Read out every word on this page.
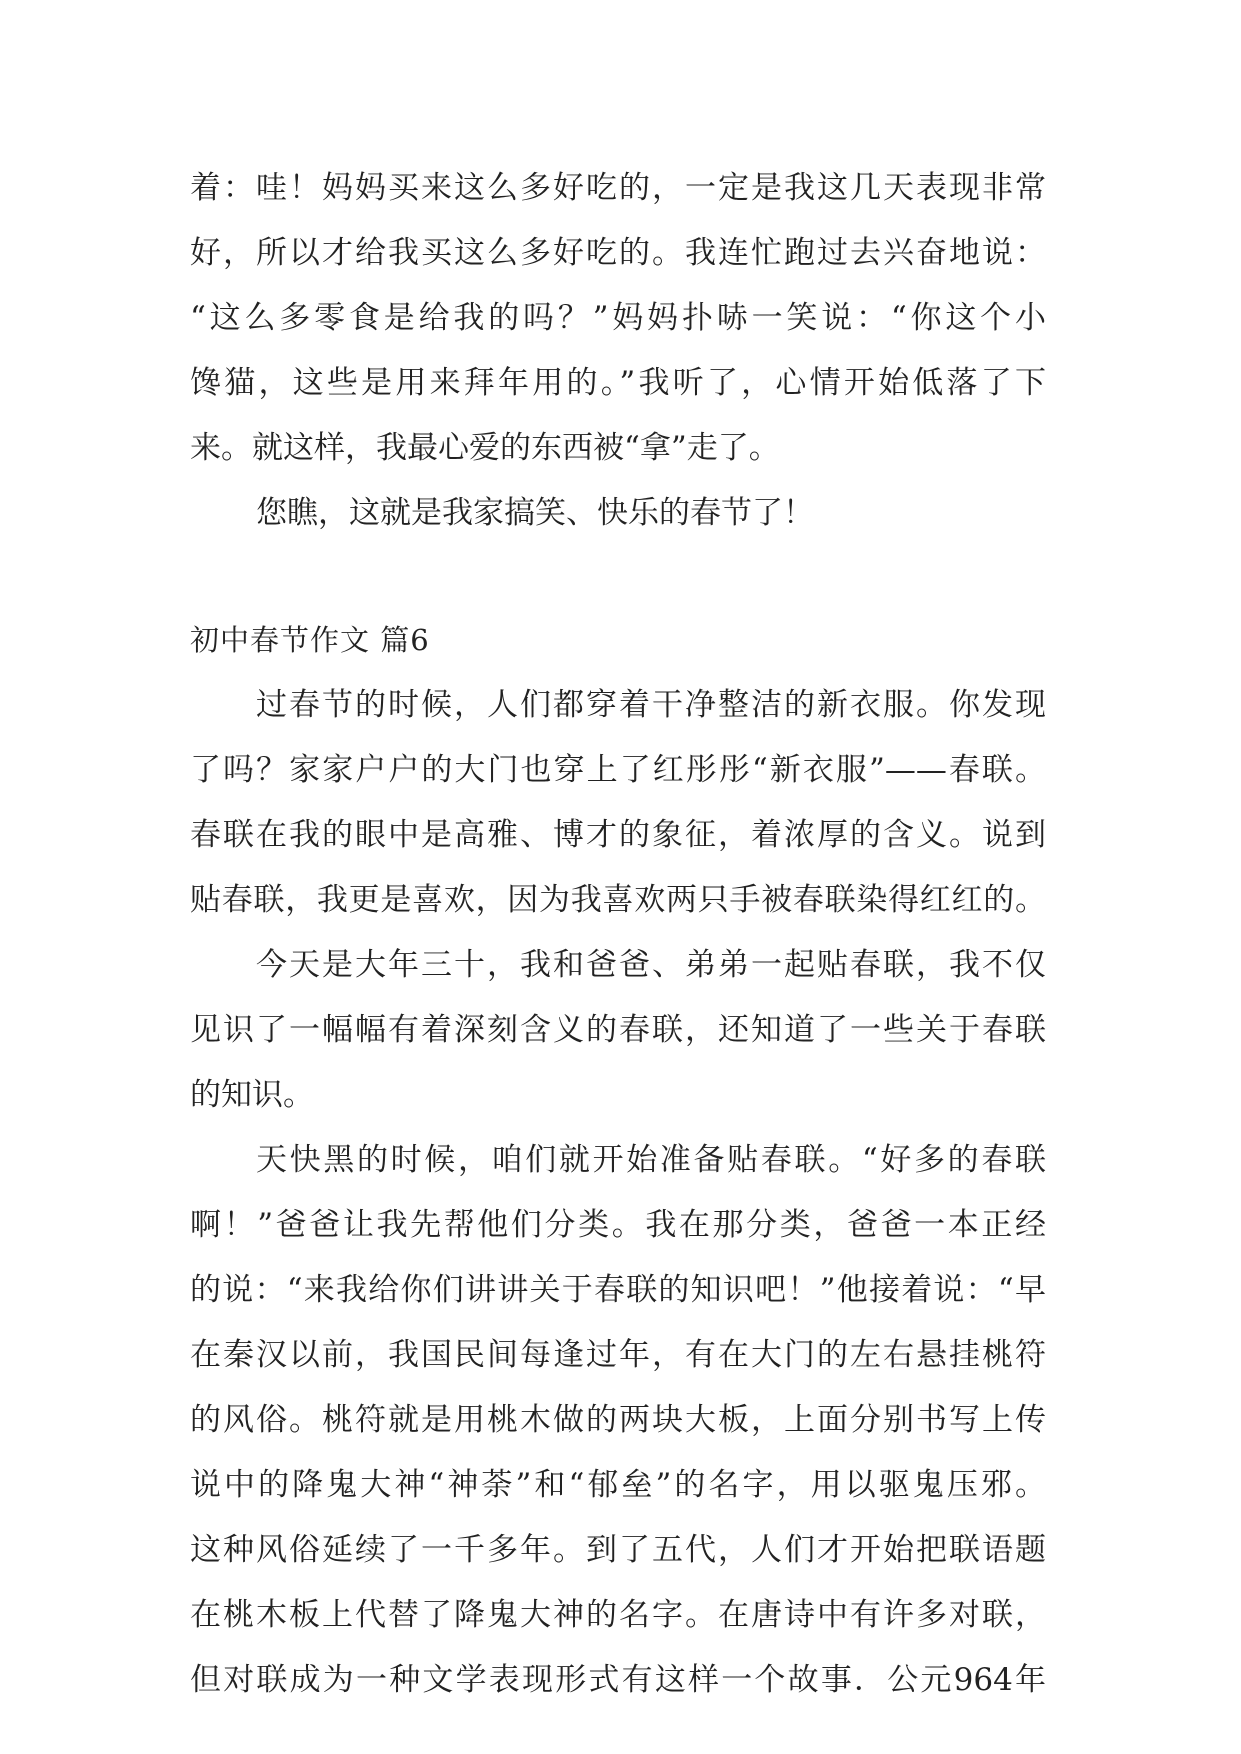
着：哇！妈妈买来这么多好吃的，一定是我这几天表现非常
好，所以才给我买这么多好吃的。我连忙跑过去兴奋地说：
“这么多零食是给我的吗？”妈妈扑哧一笑说：“你这个小
馋猫，这些是用来拜年用的。”我听了，心情开始低落了下
来。就这样，我最心爱的东西被“拿”走了。
您瞧，这就是我家搞笑、快乐的春节了！
初中春节作文 篇6
过春节的时候，人们都穿着干净整洁的新衣服。你发现
了吗？家家户户的大门也穿上了红彤彤“新衣服”——春联。
春联在我的眼中是高雅、博才的象征，着浓厚的含义。说到
贴春联，我更是喜欢，因为我喜欢两只手被春联染得红红的。
今天是大年三十，我和爸爸、弟弟一起贴春联，我不仅
见识了一幅幅有着深刻含义的春联，还知道了一些关于春联
的知识。
天快黑的时候，咱们就开始准备贴春联。“好多的春联
啊！”爸爸让我先帮他们分类。我在那分类，爸爸一本正经
的说：“来我给你们讲讲关于春联的知识吧！”他接着说：“早
在秦汉以前，我国民间每逢过年，有在大门的左右悬挂桃符
的风俗。桃符就是用桃木做的两块大板，上面分别书写上传
说中的降鬼大神“神荼”和“郁垒”的名字，用以驱鬼压邪。
这种风俗延续了一千多年。到了五代，人们才开始把联语题
在桃木板上代替了降鬼大神的名字。在唐诗中有许多对联，
但对联成为一种文学表现形式有这样一个故事．公元964年
